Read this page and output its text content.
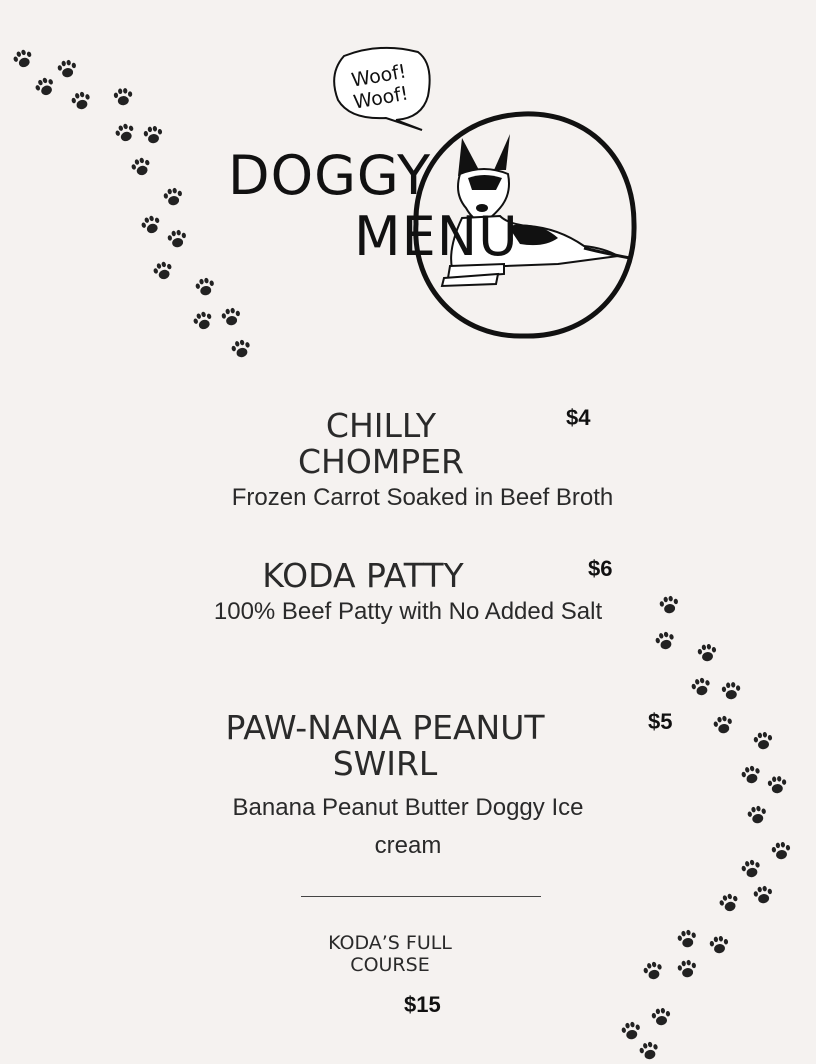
Woof!
Woof!
DOGGY
MENU
CHILLY CHOMPER
$4
Frozen Carrot Soaked in Beef Broth
KODA PATTY	$6
100% Beef Patty with No Added Salt
PAW-NANA PEANUT SWIRL
$5
Banana Peanut Butter Doggy Ice cream
KODA’S FULL COURSE
$15
